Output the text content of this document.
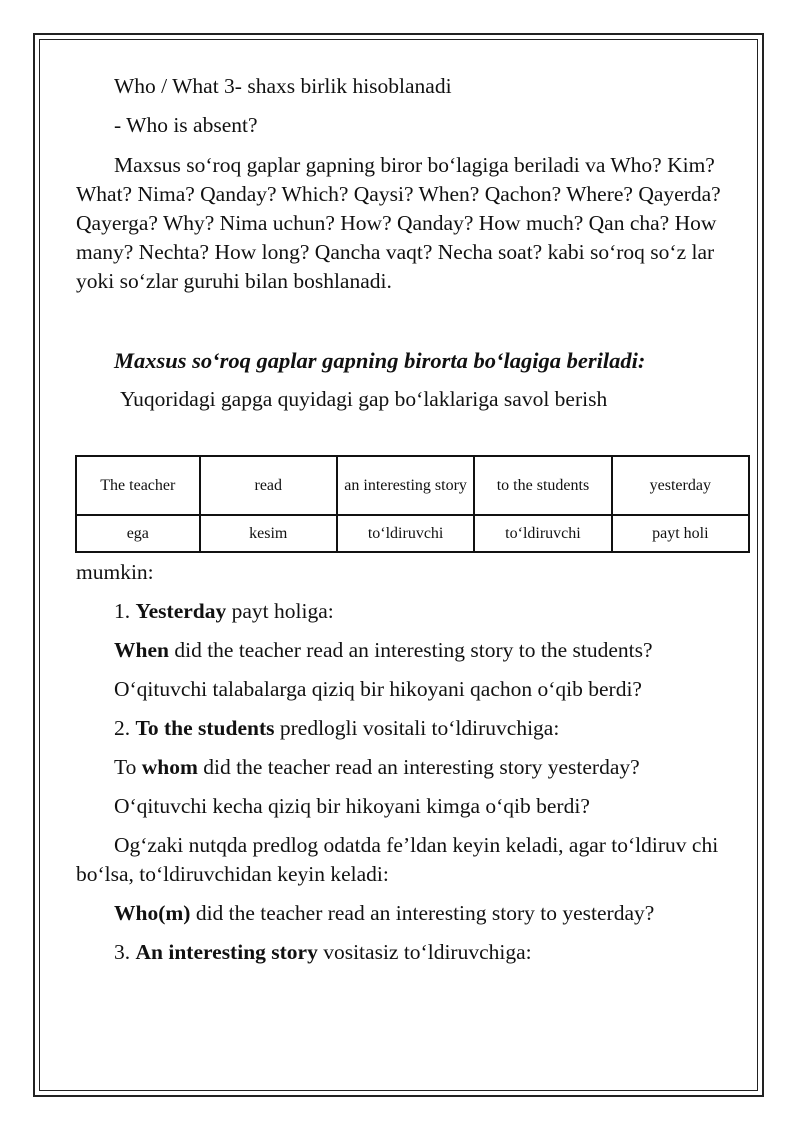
Who / What 3- shaxs birlik hisoblanadi

- Who is absent?

Maxsus so‘roq gaplar gapning biror bo‘lagiga beriladi va Who? Kim? What? Nima? Qanday? Which? Qaysi? When? Qachon? Where? Qayerda? Qayerga? Why? Nima uchun? How? Qanday? How much? Qan cha? How many? Nechta? How long? Qancha vaqt? Necha soat? kabi so‘roq so‘z lar yoki so‘zlar guruhi bilan boshlanadi.

Maxsus so‘roq gaplar gapning birorta bo‘lagiga beriladi:

Yuqoridagi gapga quyidagi gap bo‘laklariga savol berish

The teacher	read	an interesting story	to the students	yesterday
ega	kesim	to‘ldiruvchi	to‘ldiruvchi	payt holi

mumkin:

1. Yesterday payt holiga:

When did the teacher read an interesting story to the students?

O‘qituvchi talabalarga qiziq bir hikoyani qachon o‘qib berdi?

2. To the students predlogli vositali to‘ldiruvchiga:

To whom did the teacher read an interesting story yesterday?

O‘qituvchi kecha qiziq bir hikoyani kimga o‘qib berdi?

Og‘zaki nutqda predlog odatda fe’ldan keyin keladi, agar to‘ldiruv chi bo‘lsa, to‘ldiruvchidan keyin keladi:

Who(m) did the teacher read an interesting story to yesterday?

3. An interesting story vositasiz to‘ldiruvchiga:
